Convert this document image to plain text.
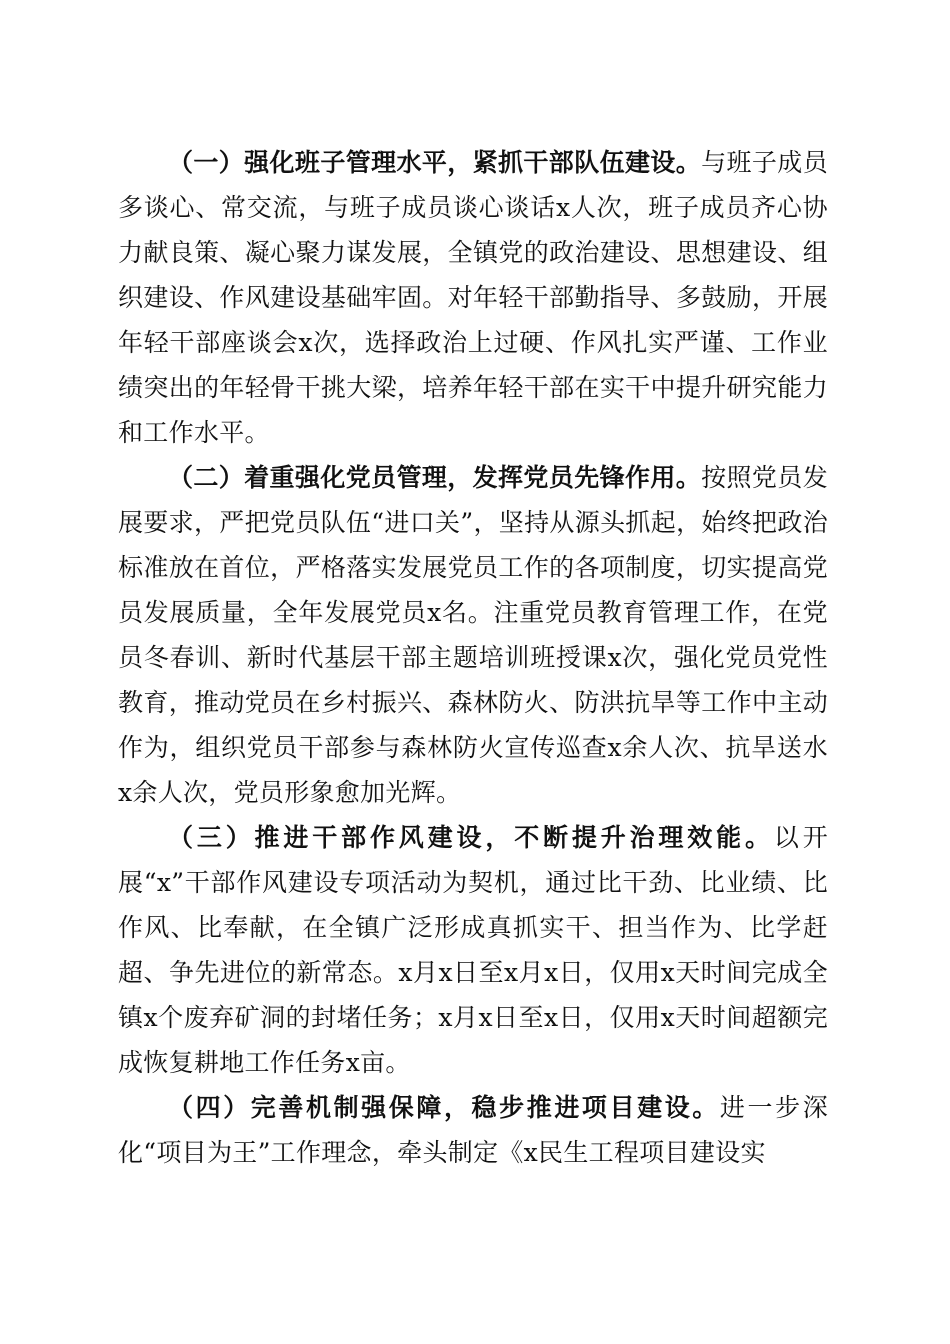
（一）强化班子管理水平，紧抓干部队伍建设。与班子成员多谈心、常交流，与班子成员谈心谈话x人次，班子成员齐心协力献良策、凝心聚力谋发展，全镇党的政治建设、思想建设、组织建设、作风建设基础牢固。对年轻干部勤指导、多鼓励，开展年轻干部座谈会x次，选择政治上过硬、作风扎实严谨、工作业绩突出的年轻骨干挑大梁，培养年轻干部在实干中提升研究能力和工作水平。

（二）着重强化党员管理，发挥党员先锋作用。按照党员发展要求，严把党员队伍“进口关”，坚持从源头抓起，始终把政治标准放在首位，严格落实发展党员工作的各项制度，切实提高党员发展质量，全年发展党员x名。注重党员教育管理工作，在党员冬春训、新时代基层干部主题培训班授课x次，强化党员党性教育，推动党员在乡村振兴、森林防火、防洪抗旱等工作中主动作为，组织党员干部参与森林防火宣传巡查x余人次、抗旱送水x余人次，党员形象愈加光辉。

（三）推进干部作风建设，不断提升治理效能。以开展“x”干部作风建设专项活动为契机，通过比干劲、比业绩、比作风、比奉献，在全镇广泛形成真抓实干、担当作为、比学赶超、争先进位的新常态。x月x日至x月x日，仅用x天时间完成全镇x个废弃矿洞的封堵任务；x月x日至x日，仅用x天时间超额完成恢复耕地工作任务x亩。

（四）完善机制强保障，稳步推进项目建设。进一步深化“项目为王”工作理念，牵头制定《x民生工程项目建设实
